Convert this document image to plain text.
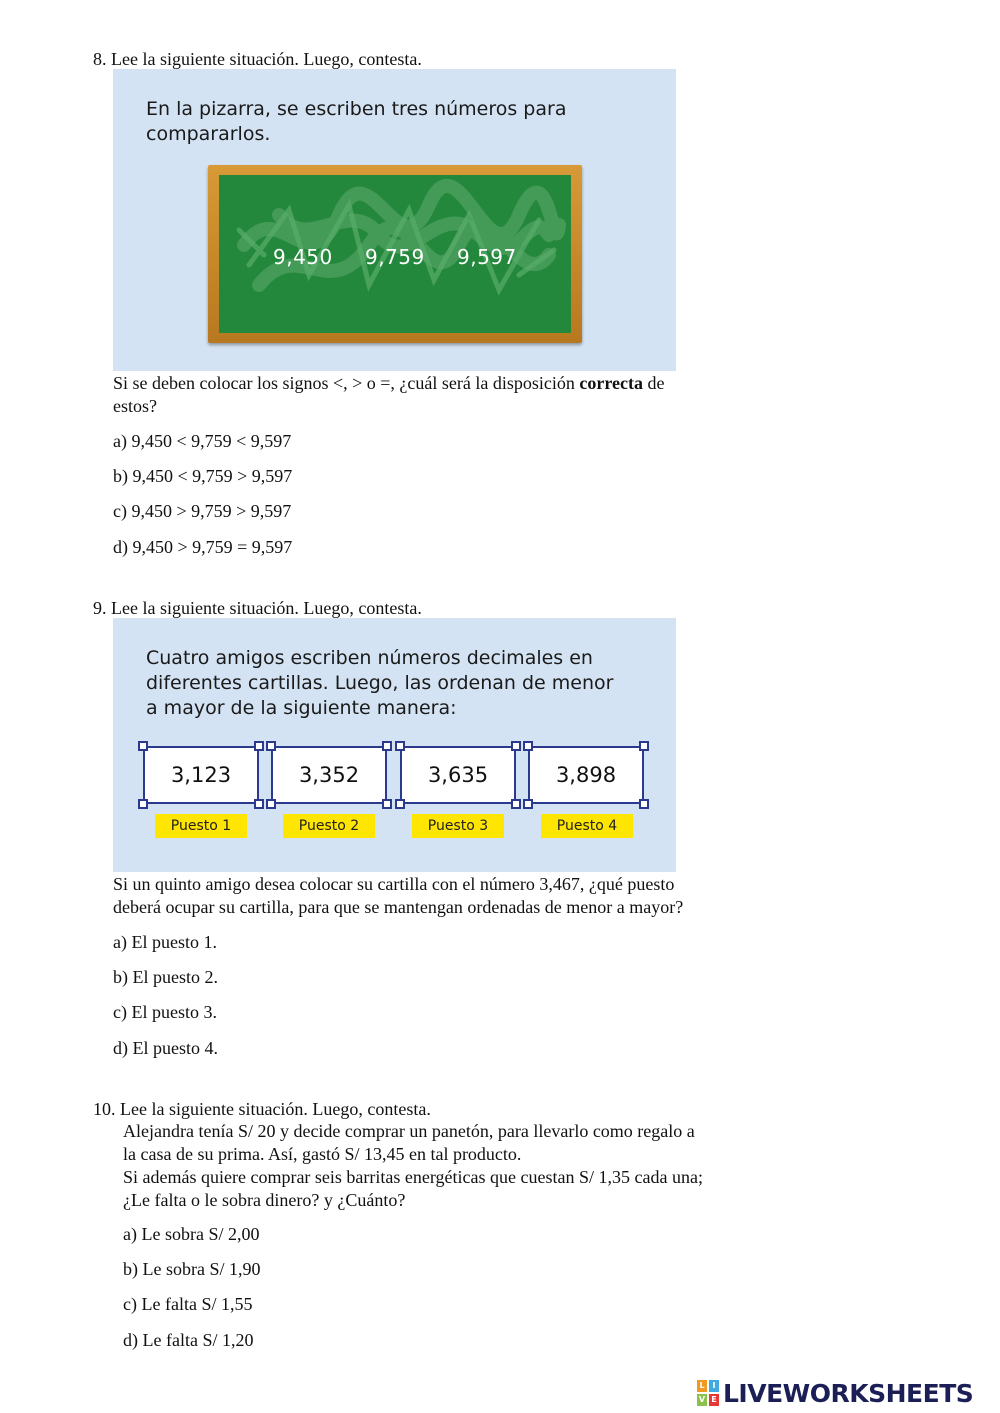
8. Lee la siguiente situación. Luego, contesta.
En la pizarra, se escriben tres números para
compararlos.
9,450 9,759 9,597
Si se deben colocar los signos <, > o =, ¿cuál será la disposición correcta de
estos?
a) 9,450 < 9,759 < 9,597
b) 9,450 < 9,759 > 9,597
c) 9,450 > 9,759 > 9,597
d) 9,450 > 9,759 = 9,597
9. Lee la siguiente situación. Luego, contesta.
Cuatro amigos escriben números decimales en
diferentes cartillas. Luego, las ordenan de menor
a mayor de la siguiente manera:
3,123	3,352	3,635	3,898
Puesto 1	Puesto 2	Puesto 3	Puesto 4
Si un quinto amigo desea colocar su cartilla con el número 3,467, ¿qué puesto
deberá ocupar su cartilla, para que se mantengan ordenadas de menor a mayor?
a) El puesto 1.
b) El puesto 2.
c) El puesto 3.
d) El puesto 4.
10. Lee la siguiente situación. Luego, contesta.
Alejandra tenía S/ 20 y decide comprar un panetón, para llevarlo como regalo a
la casa de su prima. Así, gastó S/ 13,45 en tal producto.
Si además quiere comprar seis barritas energéticas que cuestan S/ 1,35 cada una;
¿Le falta o le sobra dinero? y ¿Cuánto?
a) Le sobra S/ 2,00
b) Le sobra S/ 1,90
c) Le falta S/ 1,55
d) Le falta S/ 1,20
L I
V E LIVEWORKSHEETS
